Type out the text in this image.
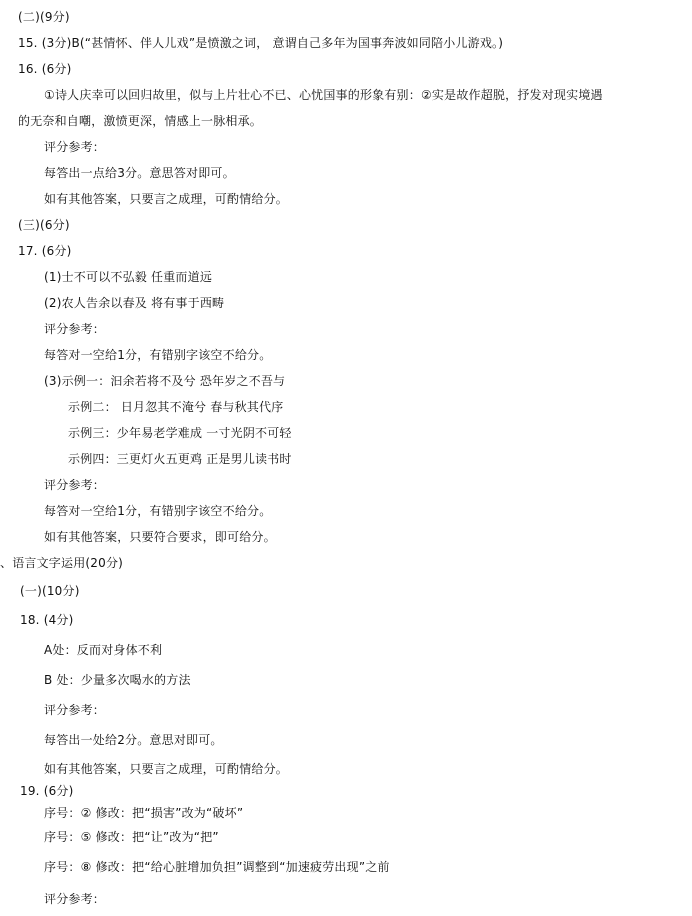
(二)(9分)
15. (3分)B(“甚情怀、伴人儿戏”是愤激之词， 意谓自己多年为国事奔波如同陪小儿游戏。)
16. (6分)
①诗人庆幸可以回归故里，似与上片壮心不已、心忧国事的形象有别：②实是故作超脱，抒发对现实境遇
的无奈和自嘲，激愤更深，情感上一脉相承。
评分参考：
每答出一点给3分。意思答对即可。
如有其他答案，只要言之成理，可酌情给分。
(三)(6分)
17. (6分)
(1)士不可以不弘毅 任重而道远
(2)农人告余以春及 将有事于西畴
评分参考：
每答对一空给1分，有错别字该空不给分。
(3)示例一：汩余若将不及兮 恐年岁之不吾与
示例二： 日月忽其不淹兮 春与秋其代序
示例三：少年易老学难成 一寸光阴不可轻
示例四：三更灯火五更鸡 正是男儿读书时
评分参考：
每答对一空给1分，有错别字该空不给分。
如有其他答案，只要符合要求，即可给分。
、语言文字运用(20分)
(一)(10分)
18. (4分)
A处：反而对身体不利
B 处：少量多次喝水的方法
评分参考：
每答出一处给2分。意思对即可。
如有其他答案，只要言之成理，可酌情给分。
19. (6分)
序号：② 修改：把“损害”改为“破坏”
序号：⑤ 修改：把“让”改为“把”
序号：⑧ 修改：把“给心脏增加负担”调整到“加速疲劳出现”之前
评分参考：
